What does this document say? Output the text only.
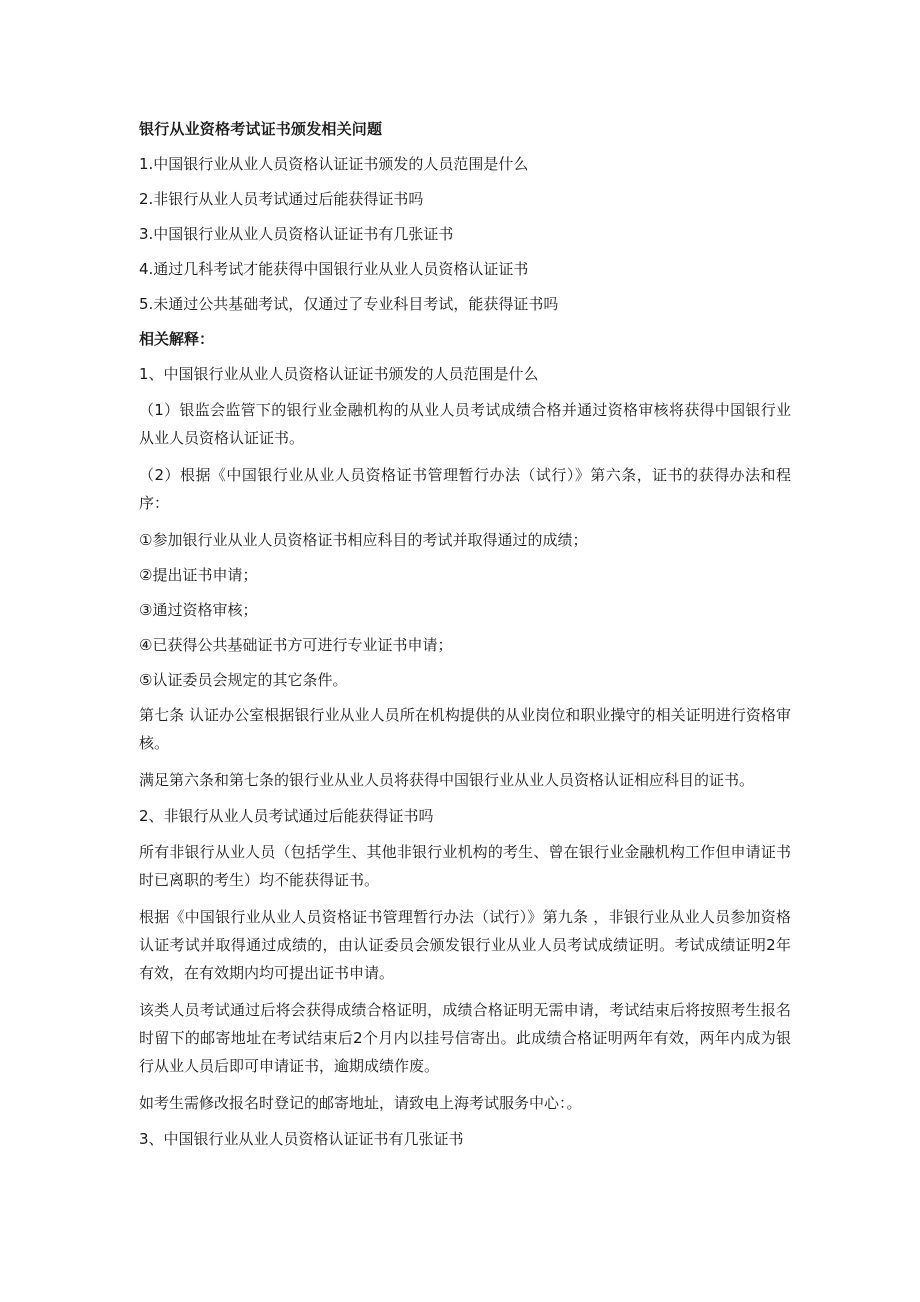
银行从业资格考试证书颁发相关问题
1.中国银行业从业人员资格认证证书颁发的人员范围是什么
2.非银行从业人员考试通过后能获得证书吗
3.中国银行业从业人员资格认证证书有几张证书
4.通过几科考试才能获得中国银行业从业人员资格认证证书
5.未通过公共基础考试，仅通过了专业科目考试，能获得证书吗
相关解释：
1、中国银行业从业人员资格认证证书颁发的人员范围是什么
（1）银监会监管下的银行业金融机构的从业人员考试成绩合格并通过资格审核将获得中国银行业从业人员资格认证证书。
（2）根据《中国银行业从业人员资格证书管理暂行办法（试行）》第六条，证书的获得办法和程序：
①参加银行业从业人员资格证书相应科目的考试并取得通过的成绩；
②提出证书申请；
③通过资格审核；
④已获得公共基础证书方可进行专业证书申请；
⑤认证委员会规定的其它条件。
第七条 认证办公室根据银行业从业人员所在机构提供的从业岗位和职业操守的相关证明进行资格审核。
满足第六条和第七条的银行业从业人员将获得中国银行业从业人员资格认证相应科目的证书。
2、非银行从业人员考试通过后能获得证书吗
所有非银行从业人员（包括学生、其他非银行业机构的考生、曾在银行业金融机构工作但申请证书时已离职的考生）均不能获得证书。
根据《中国银行业从业人员资格证书管理暂行办法（试行）》第九条 ，非银行业从业人员参加资格认证考试并取得通过成绩的，由认证委员会颁发银行业从业人员考试成绩证明。考试成绩证明2年有效，在有效期内均可提出证书申请。
该类人员考试通过后将会获得成绩合格证明，成绩合格证明无需申请，考试结束后将按照考生报名时留下的邮寄地址在考试结束后2个月内以挂号信寄出。此成绩合格证明两年有效，两年内成为银行从业人员后即可申请证书，逾期成绩作废。
如考生需修改报名时登记的邮寄地址，请致电上海考试服务中心：。
3、中国银行业从业人员资格认证证书有几张证书
